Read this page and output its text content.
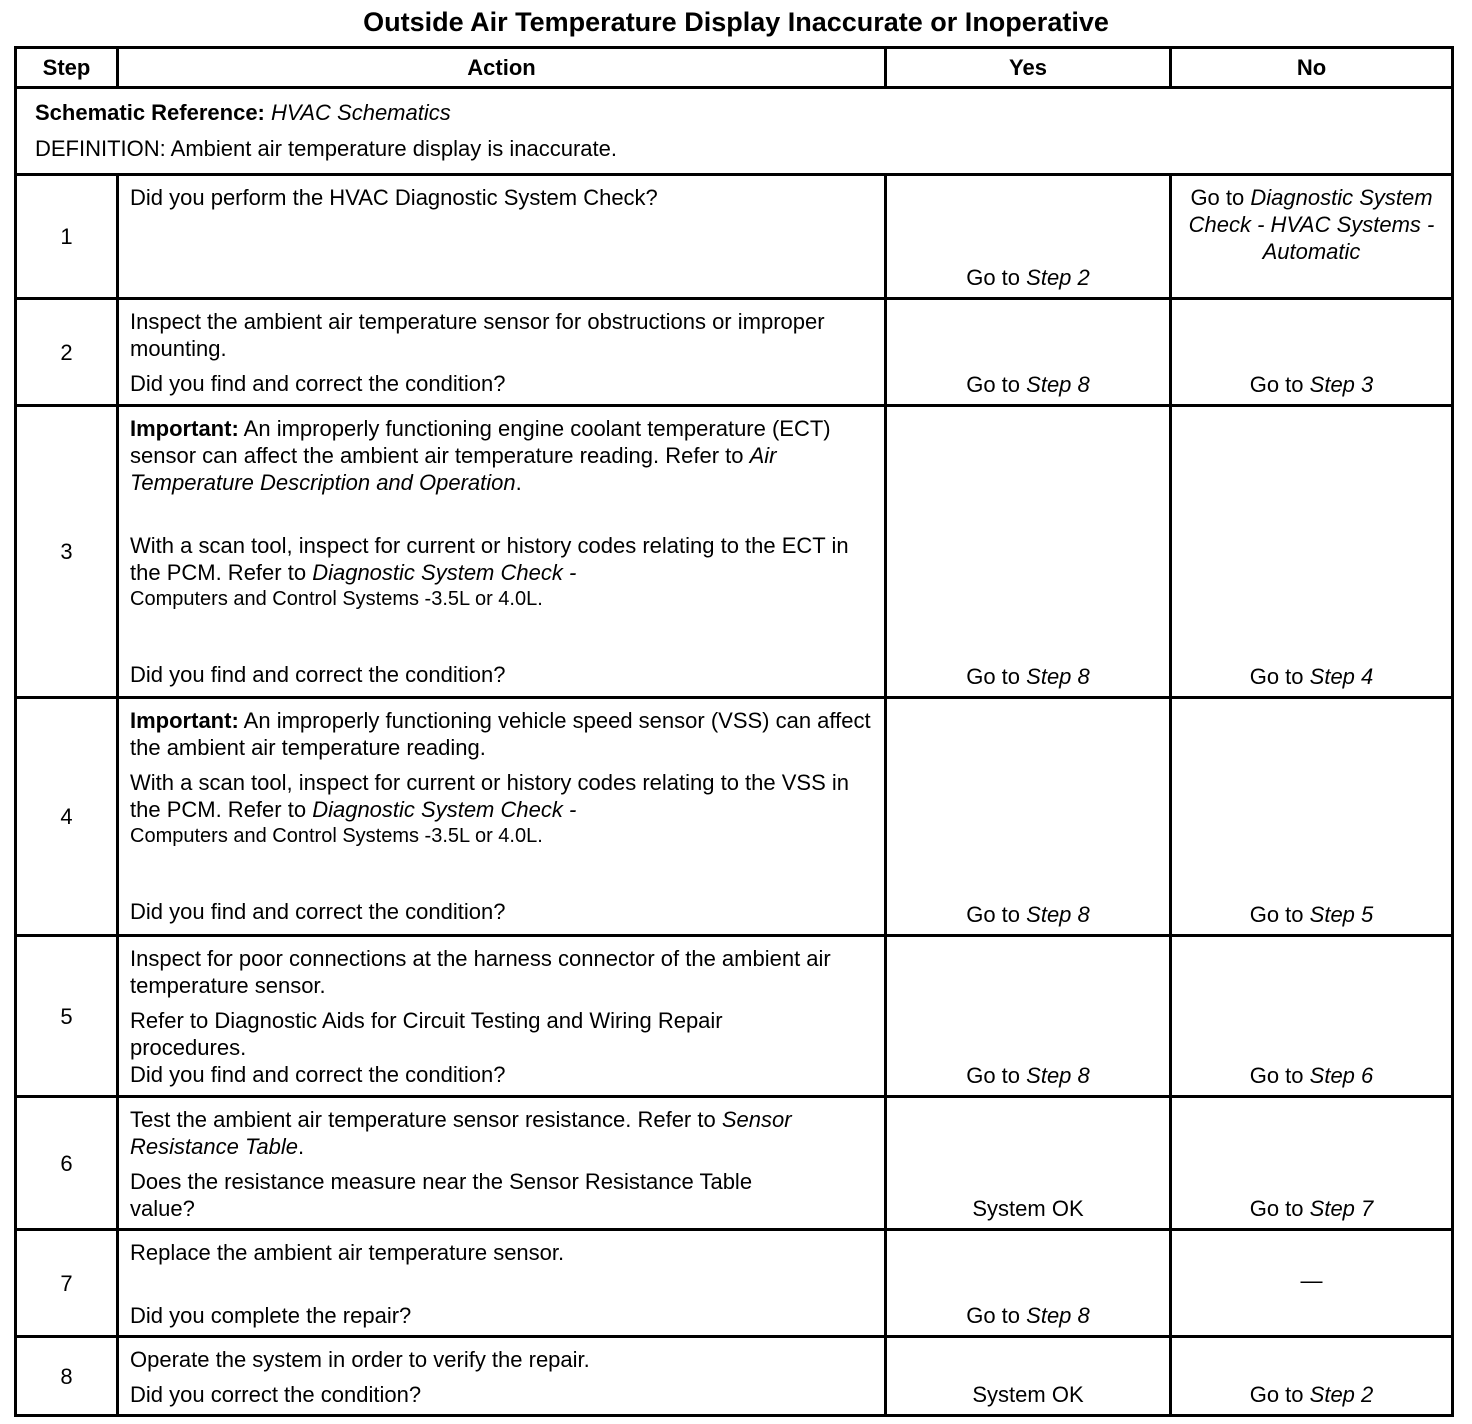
Outside Air Temperature Display Inaccurate or Inoperative
Step	Action	Yes	No

Schematic Reference: HVAC Schematics

DEFINITION: Ambient air temperature display is inaccurate.			

1	Did you perform the HVAC Diagnostic System Check?	Go to Step 2	Go to Diagnostic System Check - HVAC Systems - Automatic
2	Inspect the ambient air temperature sensor for obstructions or improper mounting.

Did you find and correct the condition?	Go to Step 8	Go to Step 3
3	Important: An improperly functioning engine coolant temperature (ECT) sensor can affect the ambient air temperature reading. Refer to Air Temperature Description and Operation.

With a scan tool, inspect for current or history codes relating to the ECT in the PCM. Refer to Diagnostic System Check -

Computers and Control Systems -3.5L or 4.0L.

Did you find and correct the condition?	Go to Step 8	Go to Step 4
4	Important: An improperly functioning vehicle speed sensor (VSS) can affect the ambient air temperature reading.

With a scan tool, inspect for current or history codes relating to the VSS in the PCM. Refer to Diagnostic System Check -

Computers and Control Systems -3.5L or 4.0L.

Did you find and correct the condition?	Go to Step 8	Go to Step 5
5	Inspect for poor connections at the harness connector of the ambient air temperature sensor.

Refer to Diagnostic Aids for Circuit Testing and Wiring Repair procedures.

Did you find and correct the condition?	Go to Step 8	Go to Step 6
6	Test the ambient air temperature sensor resistance. Refer to Sensor Resistance Table.

Does the resistance measure near the Sensor Resistance Table value?	System OK	Go to Step 7
7	Replace the ambient air temperature sensor.

Did you complete the repair?	Go to Step 8	—
8	Operate the system in order to verify the repair.

Did you correct the condition?	System OK	Go to Step 2
